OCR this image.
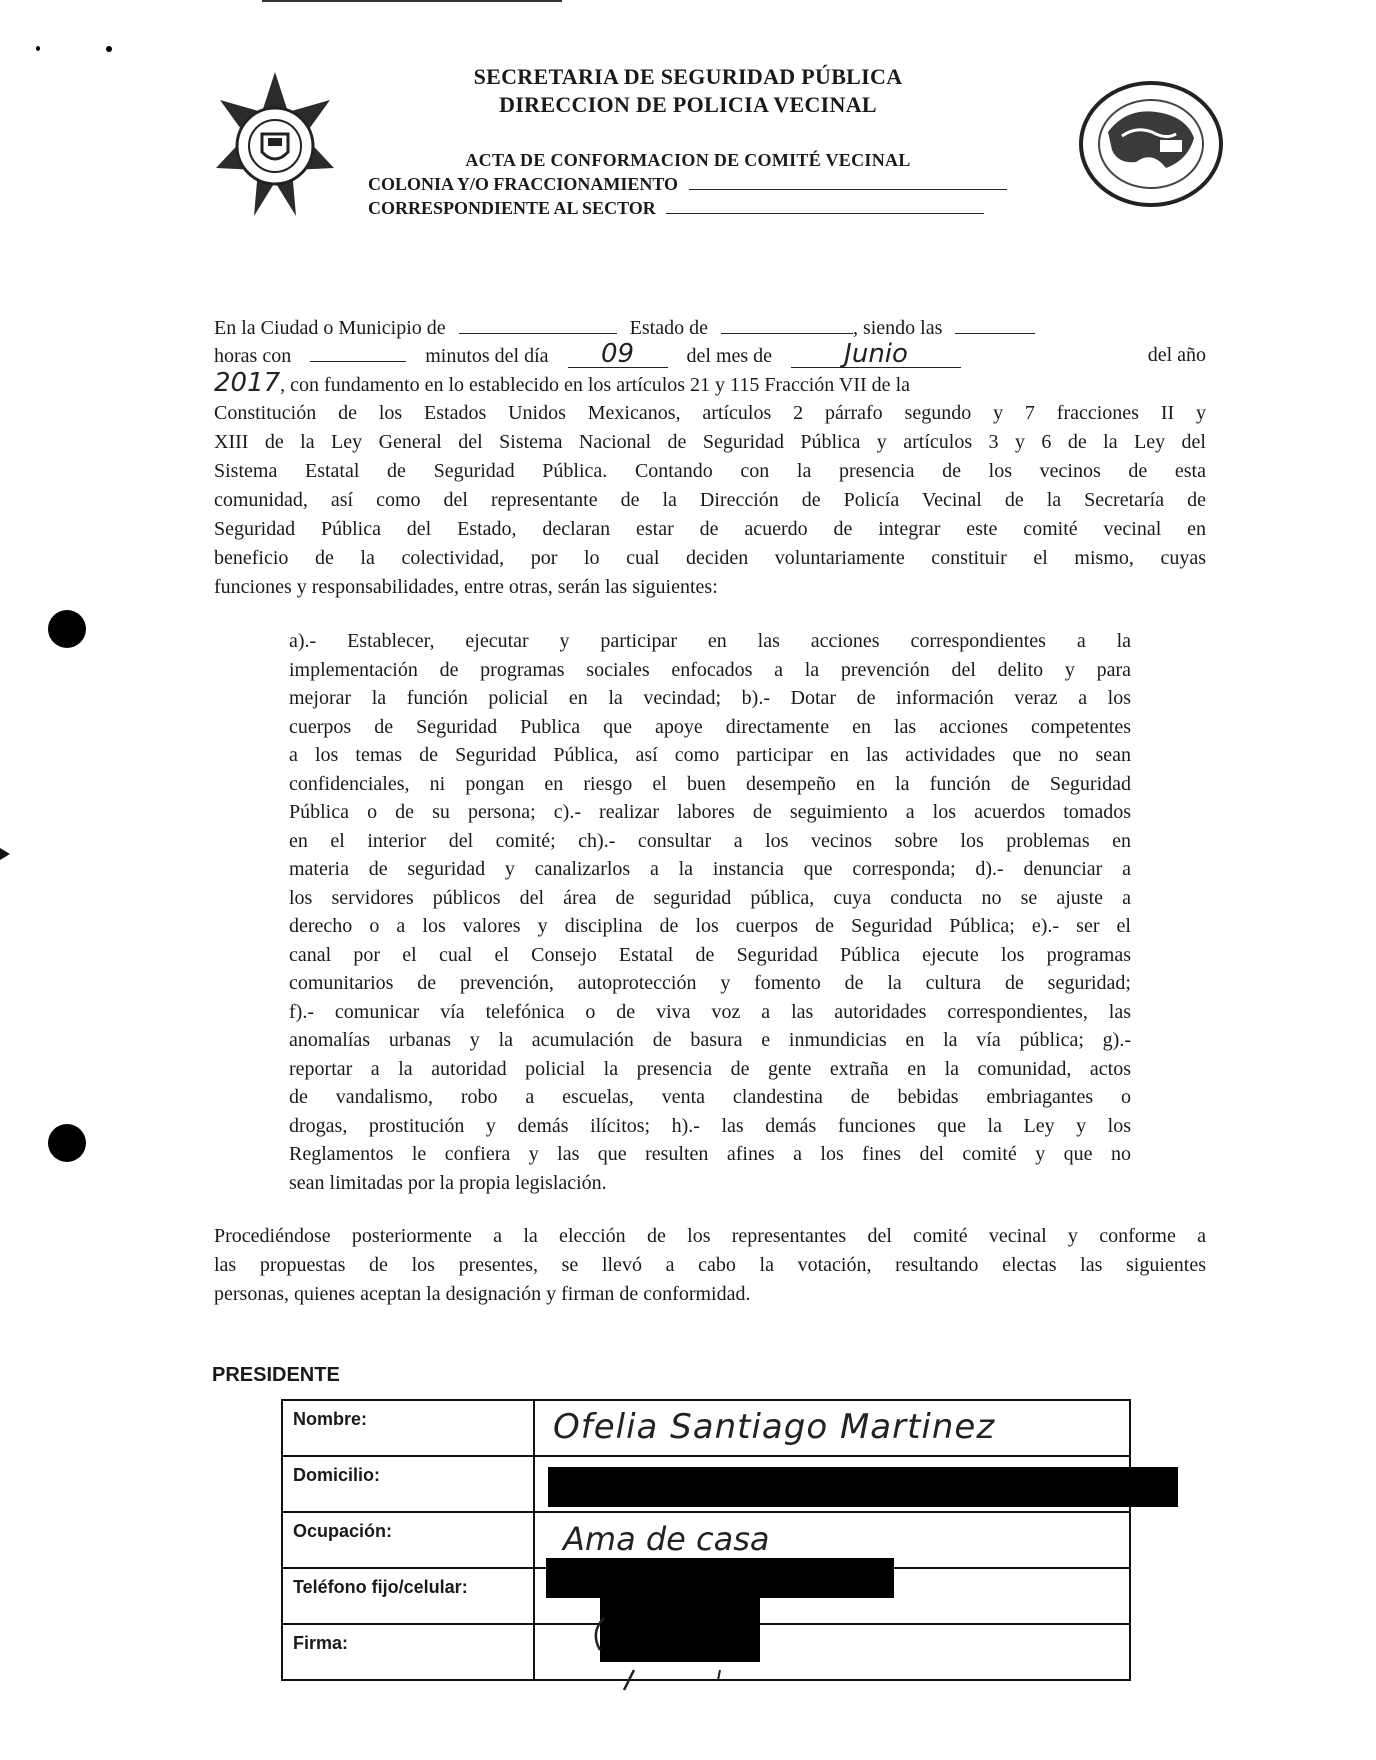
SECRETARIA DE SEGURIDAD PÚBLICA
DIRECCION DE POLICIA VECINAL
ACTA DE CONFORMACION DE COMITÉ VECINAL
COLONIA Y/O FRACCIONAMIENTO
CORRESPONDIENTE AL SECTOR
En la Ciudad o Municipio de	Estado de	, siendo las
horas con	minutos del día 09	del mes de	Junio	del año
2017, con fundamento en lo establecido en los artículos 21 y 115 Fracción VII de la
Constitución de los Estados Unidos Mexicanos, artículos 2 párrafo segundo y 7 fracciones II y
XIII de la Ley General del Sistema Nacional de Seguridad Pública y artículos 3 y 6 de la Ley del
Sistema Estatal de Seguridad Pública. Contando con la presencia de los vecinos de esta
comunidad, así como del representante de la Dirección de Policía Vecinal de la Secretaría de
Seguridad Pública del Estado, declaran estar de acuerdo de integrar este comité vecinal en
beneficio de la colectividad, por lo cual deciden voluntariamente constituir el mismo, cuyas
funciones y responsabilidades, entre otras, serán las siguientes:
a).- Establecer, ejecutar y participar en las acciones correspondientes a la
implementación de programas sociales enfocados a la prevención del delito y para
mejorar la función policial en la vecindad; b).- Dotar de información veraz a los
cuerpos de Seguridad Publica que apoye directamente en las acciones competentes
a los temas de Seguridad Pública, así como participar en las actividades que no sean
confidenciales, ni pongan en riesgo el buen desempeño en la función de Seguridad
Pública o de su persona; c).- realizar labores de seguimiento a los acuerdos tomados
en el interior del comité; ch).- consultar a los vecinos sobre los problemas en
materia de seguridad y canalizarlos a la instancia que corresponda; d).- denunciar a
los servidores públicos del área de seguridad pública, cuya conducta no se ajuste a
derecho o a los valores y disciplina de los cuerpos de Seguridad Pública; e).- ser el
canal por el cual el Consejo Estatal de Seguridad Pública ejecute los programas
comunitarios de prevención, autoprotección y fomento de la cultura de seguridad;
f).- comunicar vía telefónica o de viva voz a las autoridades correspondientes, las
anomalías urbanas y la acumulación de basura e inmundicias en la vía pública; g).-
reportar a la autoridad policial la presencia de gente extraña en la comunidad, actos
de vandalismo, robo a escuelas, venta clandestina de bebidas embriagantes o
drogas, prostitución y demás ilícitos; h).- las demás funciones que la Ley y los
Reglamentos le confiera y las que resulten afines a los fines del comité y que no
sean limitadas por la propia legislación.
Procediéndose posteriormente a la elección de los representantes del comité vecinal y conforme a
las propuestas de los presentes, se llevó a cabo la votación, resultando electas las siguientes
personas, quienes aceptan la designación y firman de conformidad.
PRESIDENTE
Nombre:	Ofelia Santiago Martinez

Domicilio:	
Ocupación:	Ama de casa

Teléfono fijo/celular:	
Firma:	
